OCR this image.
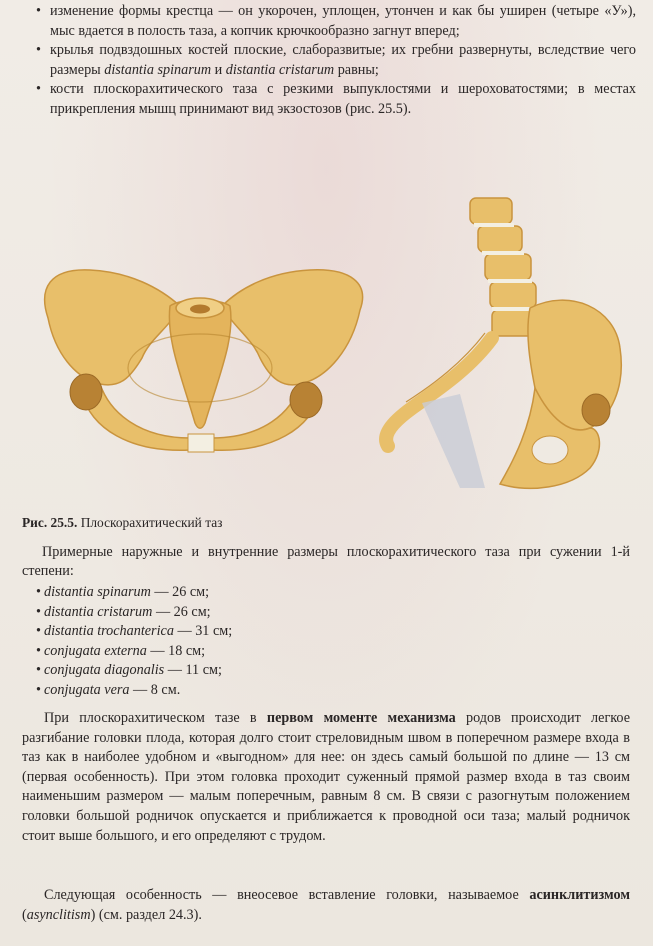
• изменение формы крестца — он укорочен, уплощен, утончен и как бы уширен (четыре «У»), мыс вдается в полость таза, а копчик крючкообразно загнут вперед;
• крылья подвздошных костей плоские, слаборазвитые; их гребни развернуты, вследствие чего размеры distantia spinarum и distantia cristarum равны;
• кости плоскорахитического таза с резкими выпуклостями и шероховатостями; в местах прикрепления мышц принимают вид экзостозов (рис. 25.5).
Рис. 25.5. Плоскорахитический таз

Примерные наружные и внутренние размеры плоскорахитического таза при сужении 1-й степени:

• distantia spinarum — 26 см;
• distantia cristarum — 26 см;
• distantia trochanterica — 31 см;
• conjugata externa — 18 см;
• conjugata diagonalis — 11 см;
• conjugata vera — 8 см.

При плоскорахитическом тазе в первом моменте механизма родов происходит легкое разгибание головки плода, которая долго стоит стреловидным швом в поперечном размере входа в таз как в наиболее удобном и «выгодном» для нее: он здесь самый большой по длине — 13 см (первая особенность). При этом головка проходит суженный прямой размер входа в таз своим наименьшим размером — малым поперечным, равным 8 см. В связи с разогнутым положением головки большой родничок опускается и приближается к проводной оси таза; малый родничок стоит выше большого, и его определяют с трудом.

Следующая особенность — внеосевое вставление головки, называемое асинклитизмом (asynclitism) (см. раздел 24.3).
